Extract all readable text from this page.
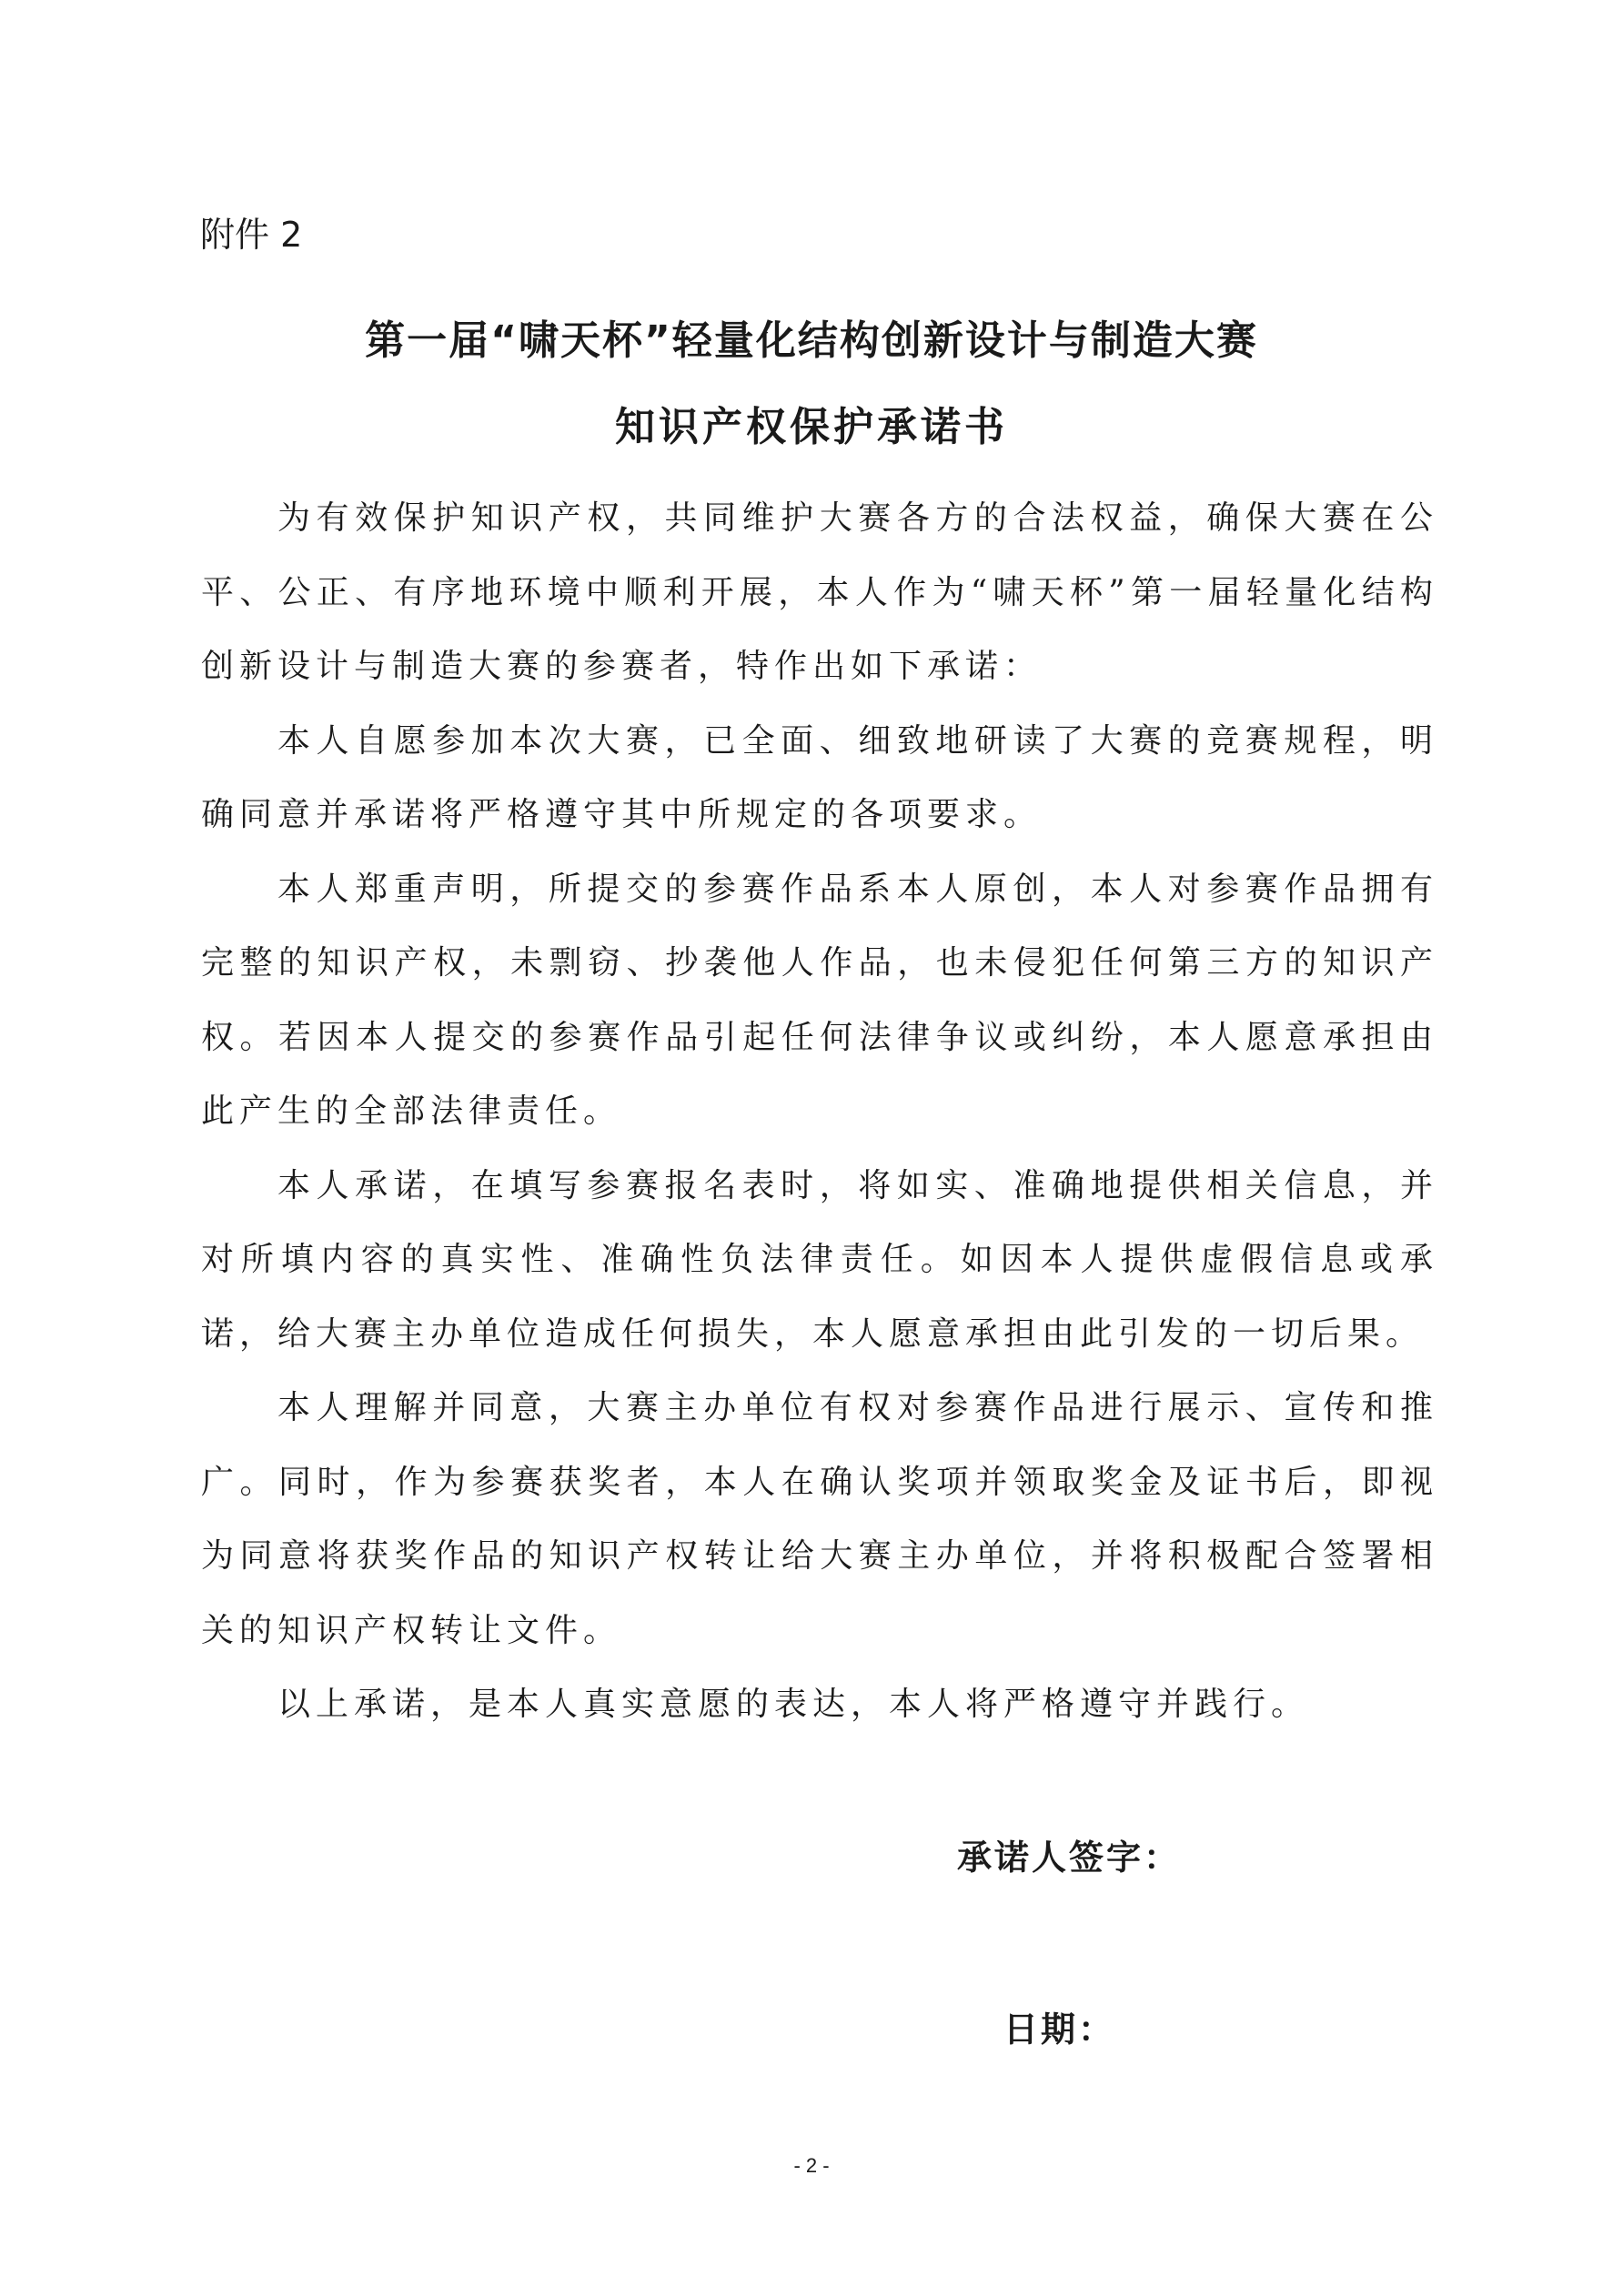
附件 2
第一届“啸天杯”轻量化结构创新设计与制造大赛
知识产权保护承诺书

为有效保护知识产权，共同维护大赛各方的合法权益，确保大赛在公平、公正、有序地环境中顺利开展，本人作为“啸天杯”第一届轻量化结构创新设计与制造大赛的参赛者，特作出如下承诺：

本人自愿参加本次大赛，已全面、细致地研读了大赛的竞赛规程，明确同意并承诺将严格遵守其中所规定的各项要求。

本人郑重声明，所提交的参赛作品系本人原创，本人对参赛作品拥有完整的知识产权，未剽窃、抄袭他人作品，也未侵犯任何第三方的知识产权。若因本人提交的参赛作品引起任何法律争议或纠纷，本人愿意承担由此产生的全部法律责任。

本人承诺，在填写参赛报名表时，将如实、准确地提供相关信息，并对所填内容的真实性、准确性负法律责任。如因本人提供虚假信息或承诺，给大赛主办单位造成任何损失，本人愿意承担由此引发的一切后果。

本人理解并同意，大赛主办单位有权对参赛作品进行展示、宣传和推广。同时，作为参赛获奖者，本人在确认奖项并领取奖金及证书后，即视为同意将获奖作品的知识产权转让给大赛主办单位，并将积极配合签署相关的知识产权转让文件。

以上承诺，是本人真实意愿的表达，本人将严格遵守并践行。

承诺人签字：
日期：
- 2 -
